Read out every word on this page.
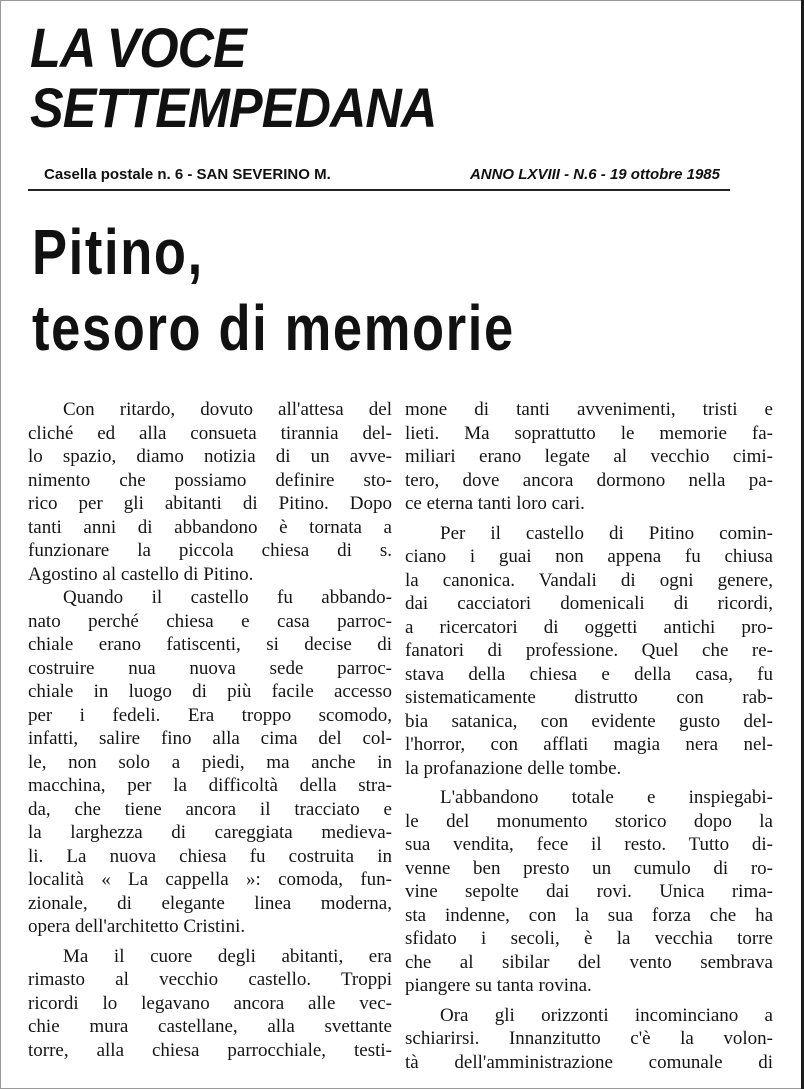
LA VOCE
SETTEMPEDANA
Casella postale n. 6 - SAN SEVERINO M.	ANNO LXVIII - N.6 - 19 ottobre 1985
Pitino,
tesoro di memorie
Con ritardo, dovuto all'attesa del
cliché ed alla consueta tirannia del-
lo spazio, diamo notizia di un avve-
nimento che possiamo definire sto-
rico per gli abitanti di Pitino. Dopo
tanti anni di abbandono è tornata a
funzionare la piccola chiesa di s.
Agostino al castello di Pitino.
Quando il castello fu abbando-
nato perché chiesa e casa parroc-
chiale erano fatiscenti, si decise di
costruire nua nuova sede parroc-
chiale in luogo di più facile accesso
per i fedeli. Era troppo scomodo,
infatti, salire fino alla cima del col-
le, non solo a piedi, ma anche in
macchina, per la difficoltà della stra-
da, che tiene ancora il tracciato e
la larghezza di careggiata medieva-
li. La nuova chiesa fu costruita in
località « La cappella »: comoda, fun-
zionale, di elegante linea moderna,
opera dell'architetto Cristini.
Ma il cuore degli abitanti, era
rimasto al vecchio castello. Troppi
ricordi lo legavano ancora alle vec-
chie mura castellane, alla svettante
torre, alla chiesa parrocchiale, testi-
mone di tanti avvenimenti, tristi e
lieti. Ma soprattutto le memorie fa-
miliari erano legate al vecchio cimi-
tero, dove ancora dormono nella pa-
ce eterna tanti loro cari.
Per il castello di Pitino comin-
ciano i guai non appena fu chiusa
la canonica. Vandali di ogni genere,
dai cacciatori domenicali di ricordi,
a ricercatori di oggetti antichi pro-
fanatori di professione. Quel che re-
stava della chiesa e della casa, fu
sistematicamente distrutto con rab-
bia satanica, con evidente gusto del-
l'horror, con afflati magia nera nel-
la profanazione delle tombe.
L'abbandono totale e inspiegabi-
le del monumento storico dopo la
sua vendita, fece il resto. Tutto di-
venne ben presto un cumulo di ro-
vine sepolte dai rovi. Unica rima-
sta indenne, con la sua forza che ha
sfidato i secoli, è la vecchia torre
che al sibilar del vento sembrava
piangere su tanta rovina.
Ora gli orizzonti incominciano a
schiarirsi. Innanzitutto c'è la volon-
tà dell'amministrazione comunale di
